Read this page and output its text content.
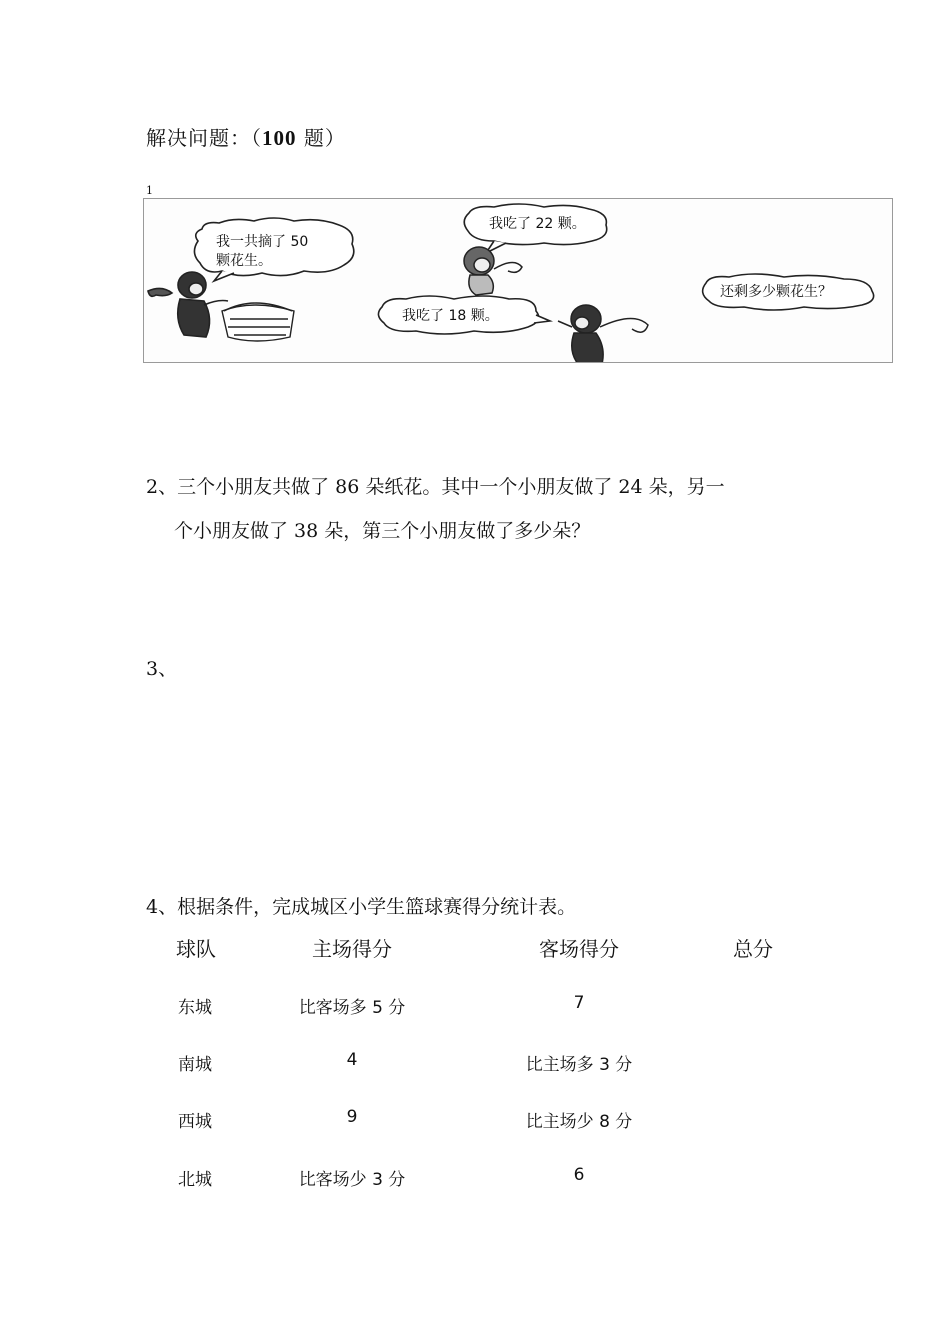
解决问题：（100 题）
1
我一共摘了 50
颗花生。
我吃了 22 颗。
我吃了 18 颗。
还剩多少颗花生？
2、三个小朋友共做了 86 朵纸花。其中一个小朋友做了 24 朵，另一
个小朋友做了 38 朵，第三个小朋友做了多少朵？
3、
4、根据条件，完成城区小学生篮球赛得分统计表。
球队	主场得分	客场得分	总分
东城	比客场多 5 分	7
南城	4	比主场多 3 分
西城	9	比主场少 8 分
北城	比客场少 3 分	6
